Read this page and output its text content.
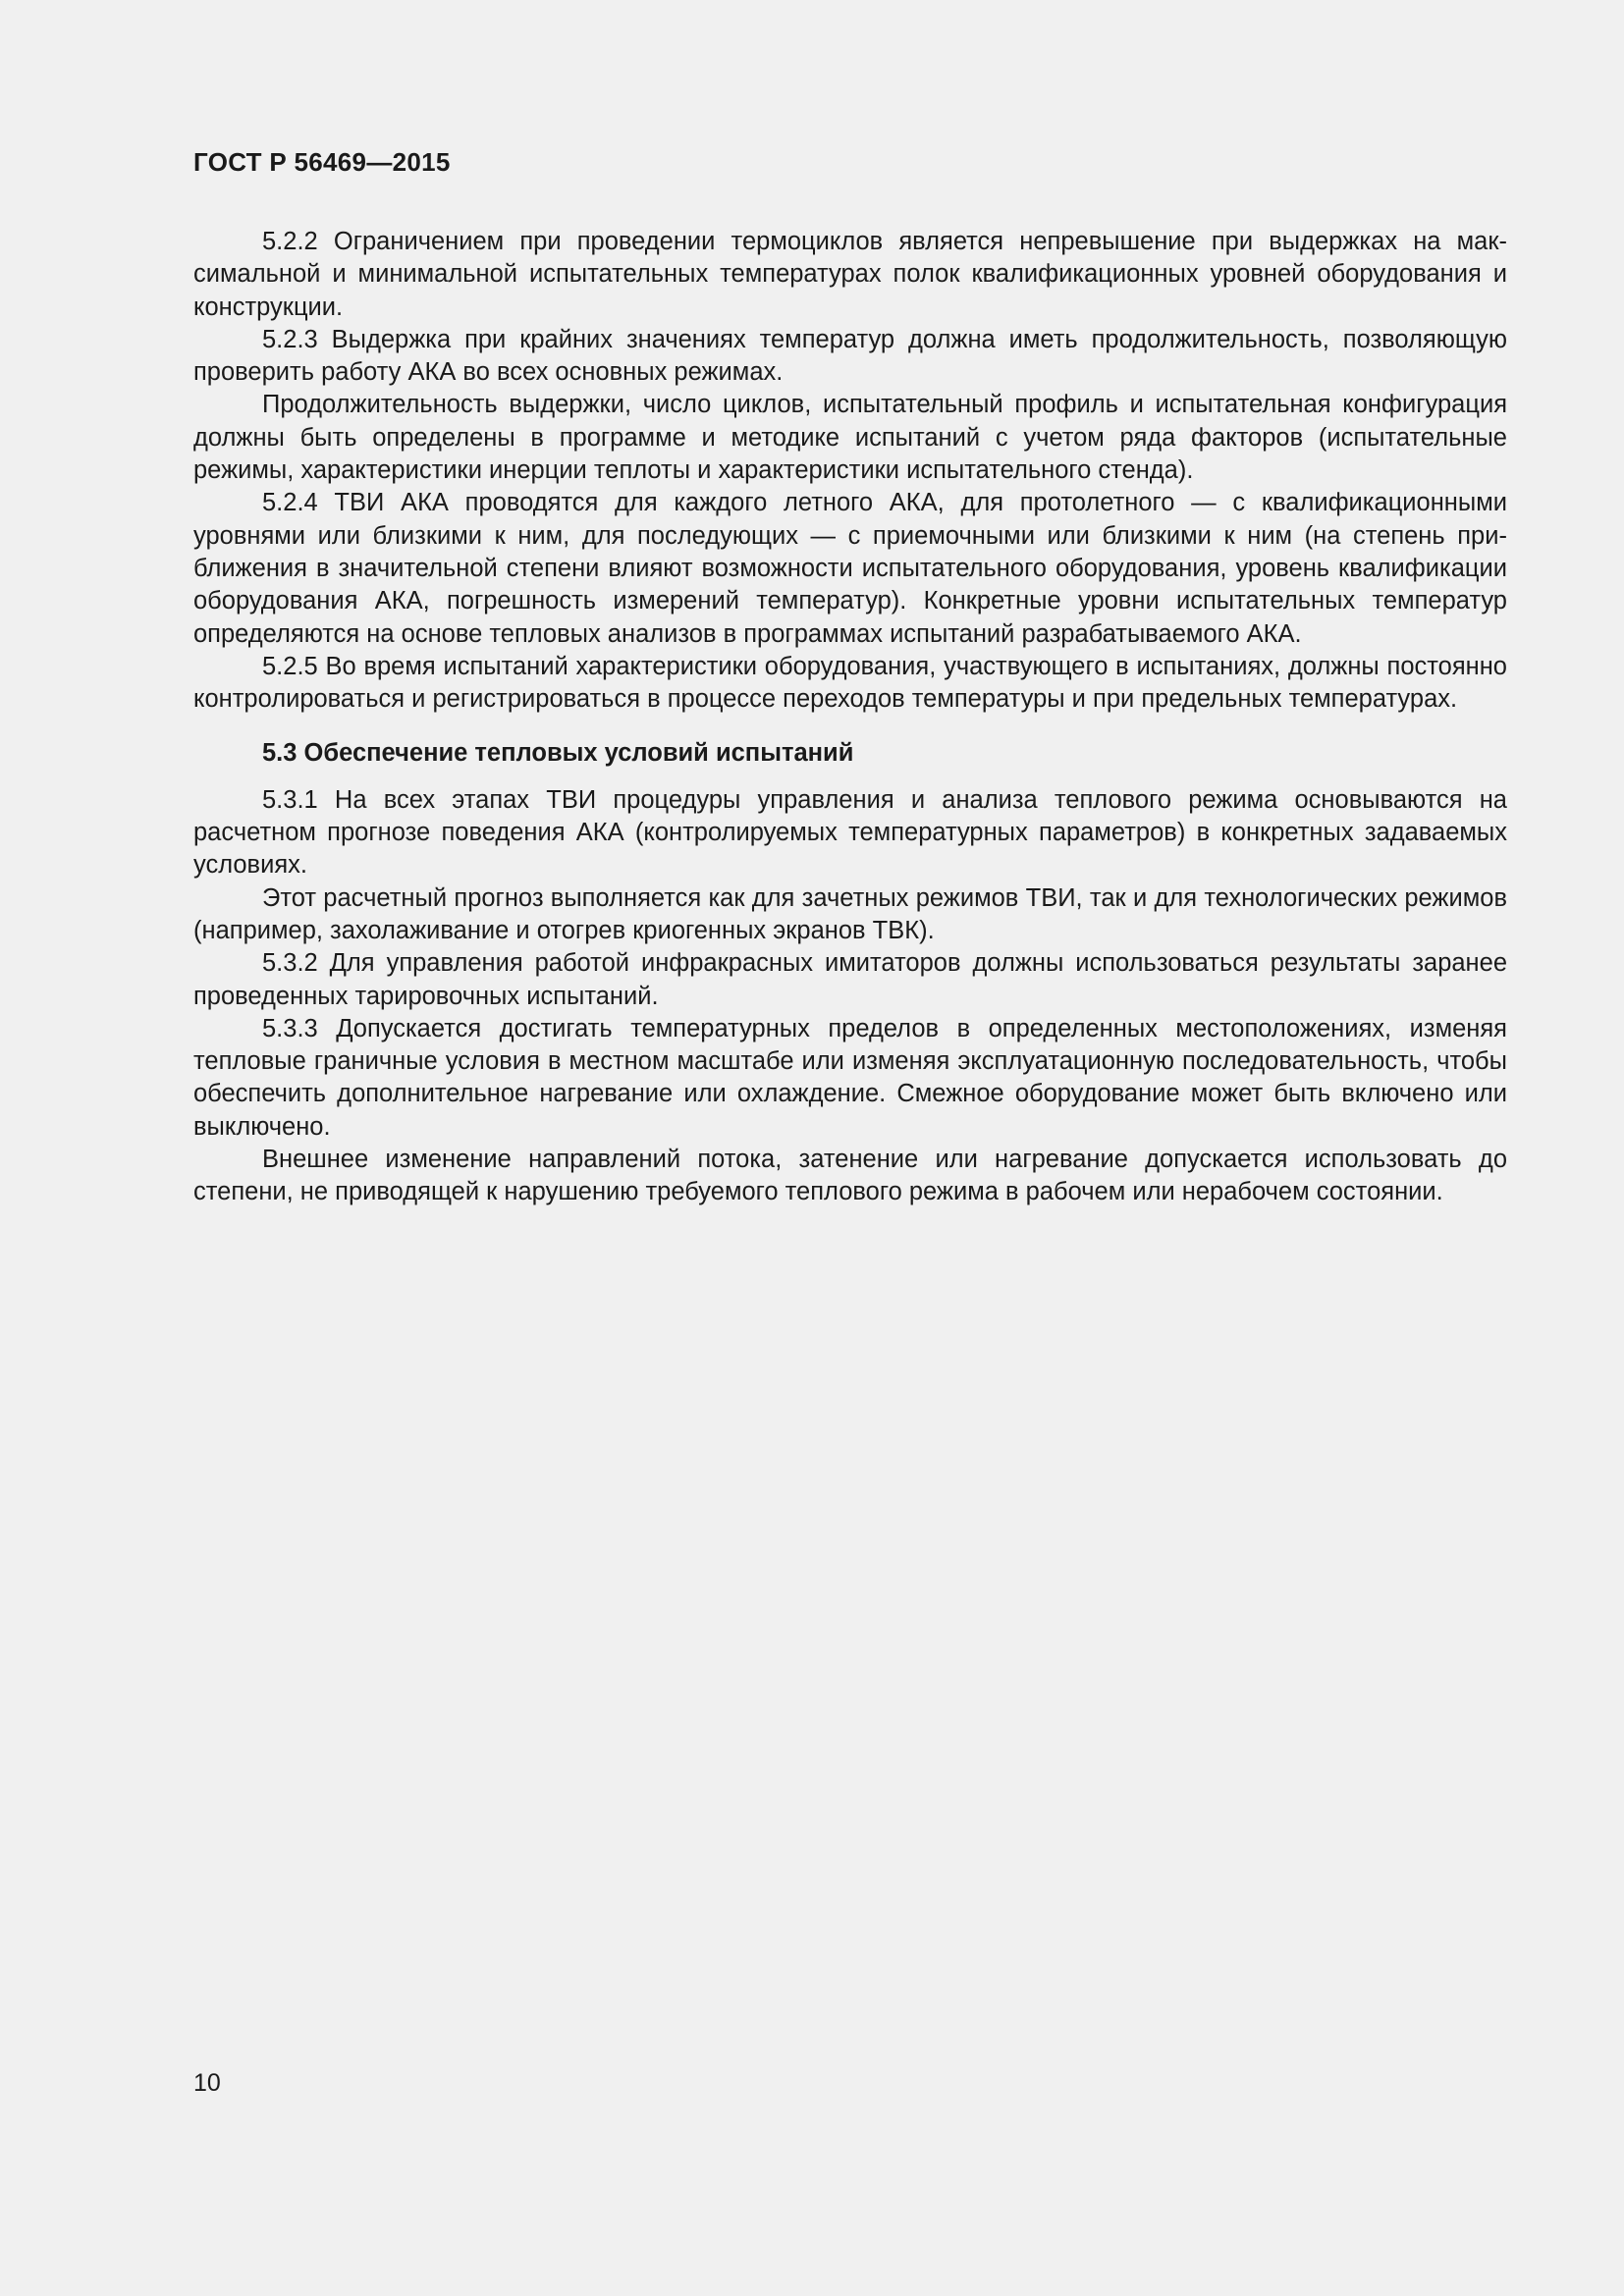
ГОСТ Р 56469—2015

5.2.2 Ограничением при проведении термоциклов является непревышение при выдержках на максимальной и минимальной испытательных температурах полок квалификационных уровней оборудования и конструкции.

5.2.3 Выдержка при крайних значениях температур должна иметь продолжительность, позволяющую проверить работу АКА во всех основных режимах.

Продолжительность выдержки, число циклов, испытательный профиль и испытательная конфигурация должны быть определены в программе и методике испытаний с учетом ряда факторов (испытательные режимы, характеристики инерции теплоты и характеристики испытательного стенда).

5.2.4 ТВИ АКА проводятся для каждого летного АКА, для протолетного — с квалификационными уровнями или близкими к ним, для последующих — с приемочными или близкими к ним (на степень приближения в значительной степени влияют возможности испытательного оборудования, уровень квалификации оборудования АКА, погрешность измерений температур). Конкретные уровни испытательных температур определяются на основе тепловых анализов в программах испытаний разрабатываемого АКА.

5.2.5 Во время испытаний характеристики оборудования, участвующего в испытаниях, должны постоянно контролироваться и регистрироваться в процессе переходов температуры и при предельных температурах.

5.3 Обеспечение тепловых условий испытаний

5.3.1 На всех этапах ТВИ процедуры управления и анализа теплового режима основываются на расчетном прогнозе поведения АКА (контролируемых температурных параметров) в конкретных задаваемых условиях.

Этот расчетный прогноз выполняется как для зачетных режимов ТВИ, так и для технологических режимов (например, захолаживание и отогрев криогенных экранов ТВК).

5.3.2 Для управления работой инфракрасных имитаторов должны использоваться результаты заранее проведенных тарировочных испытаний.

5.3.3 Допускается достигать температурных пределов в определенных местоположениях, изменяя тепловые граничные условия в местном масштабе или изменяя эксплуатационную последовательность, чтобы обеспечить дополнительное нагревание или охлаждение. Смежное оборудование может быть включено или выключено.

Внешнее изменение направлений потока, затенение или нагревание допускается использовать до степени, не приводящей к нарушению требуемого теплового режима в рабочем или нерабочем состоянии.

10
